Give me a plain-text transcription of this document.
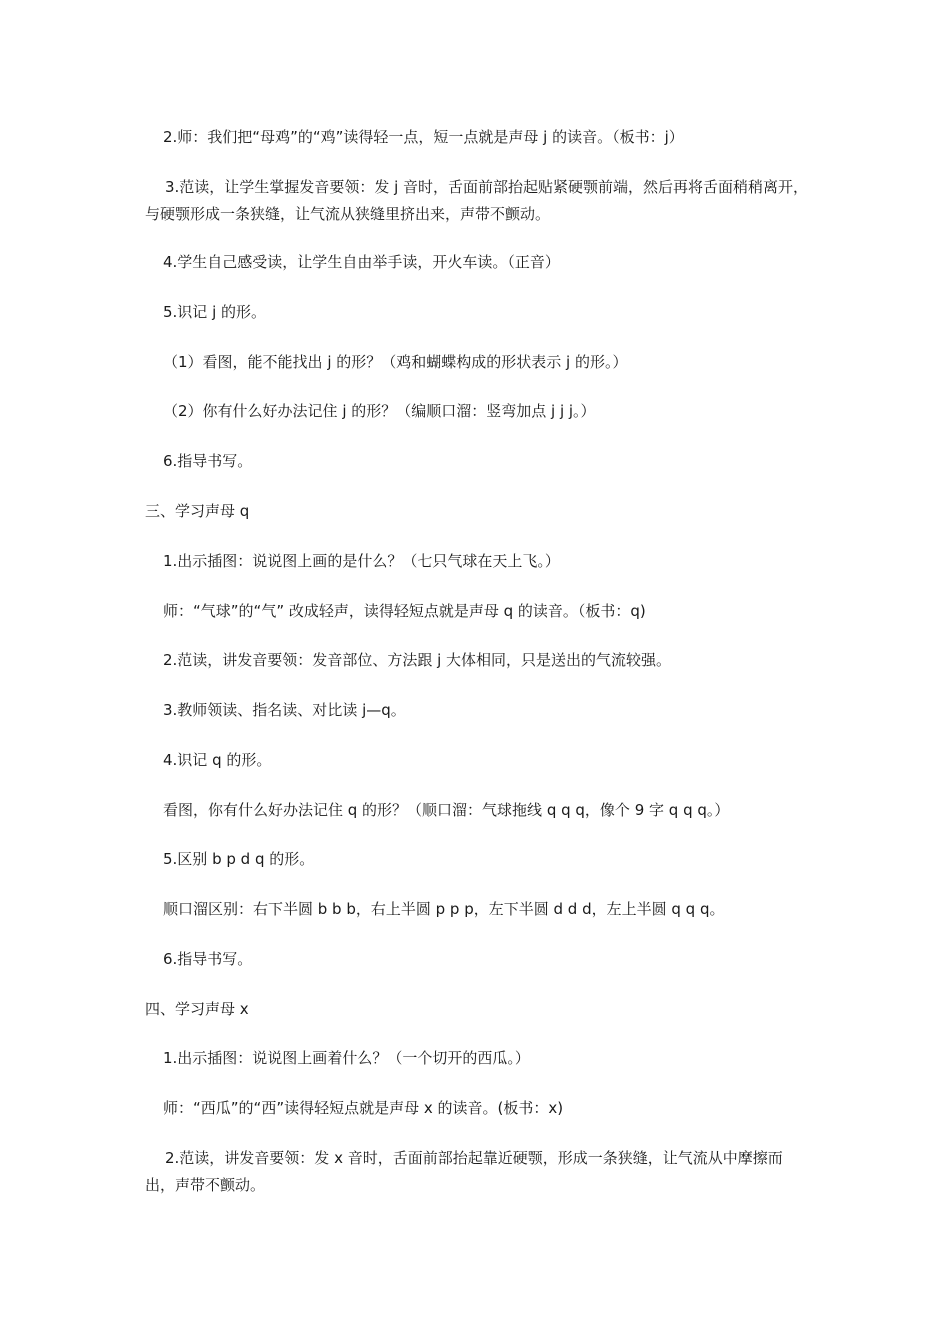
2.师：我们把“母鸡”的“鸡”读得轻一点，短一点就是声母 j 的读音。（板书：j）

3.范读，让学生掌握发音要领：发 j 音时，舌面前部抬起贴紧硬颚前端，然后再将舌面稍稍离开，与硬颚形成一条狭缝，让气流从狭缝里挤出来，声带不颤动。

4.学生自己感受读，让学生自由举手读，开火车读。（正音）

5.识记 j 的形。

（1）看图，能不能找出 j 的形？（鸡和蝴蝶构成的形状表示 j 的形。）

（2）你有什么好办法记住 j 的形？（编顺口溜：竖弯加点 j j j。）

6.指导书写。

三、学习声母 q

1.出示插图：说说图上画的是什么？（七只气球在天上飞。）

师：“气球”的“气” 改成轻声，读得轻短点就是声母 q 的读音。（板书：q)

2.范读，讲发音要领：发音部位、方法跟 j 大体相同，只是送出的气流较强。

3.教师领读、指名读、对比读 j—q。

4.识记 q 的形。

看图，你有什么好办法记住 q 的形？（顺口溜：气球拖线 q q q，像个 9 字 q q q。）

5.区别 b p d q 的形。

顺口溜区别：右下半圆 b b b，右上半圆 p p p，左下半圆 d d d，左上半圆 q q q。

6.指导书写。

四、学习声母 x

1.出示插图：说说图上画着什么？（一个切开的西瓜。）

师：“西瓜”的“西”读得轻短点就是声母 x 的读音。(板书：x)

2.范读，讲发音要领：发 x 音时，舌面前部抬起靠近硬颚，形成一条狭缝，让气流从中摩擦而出，声带不颤动。
